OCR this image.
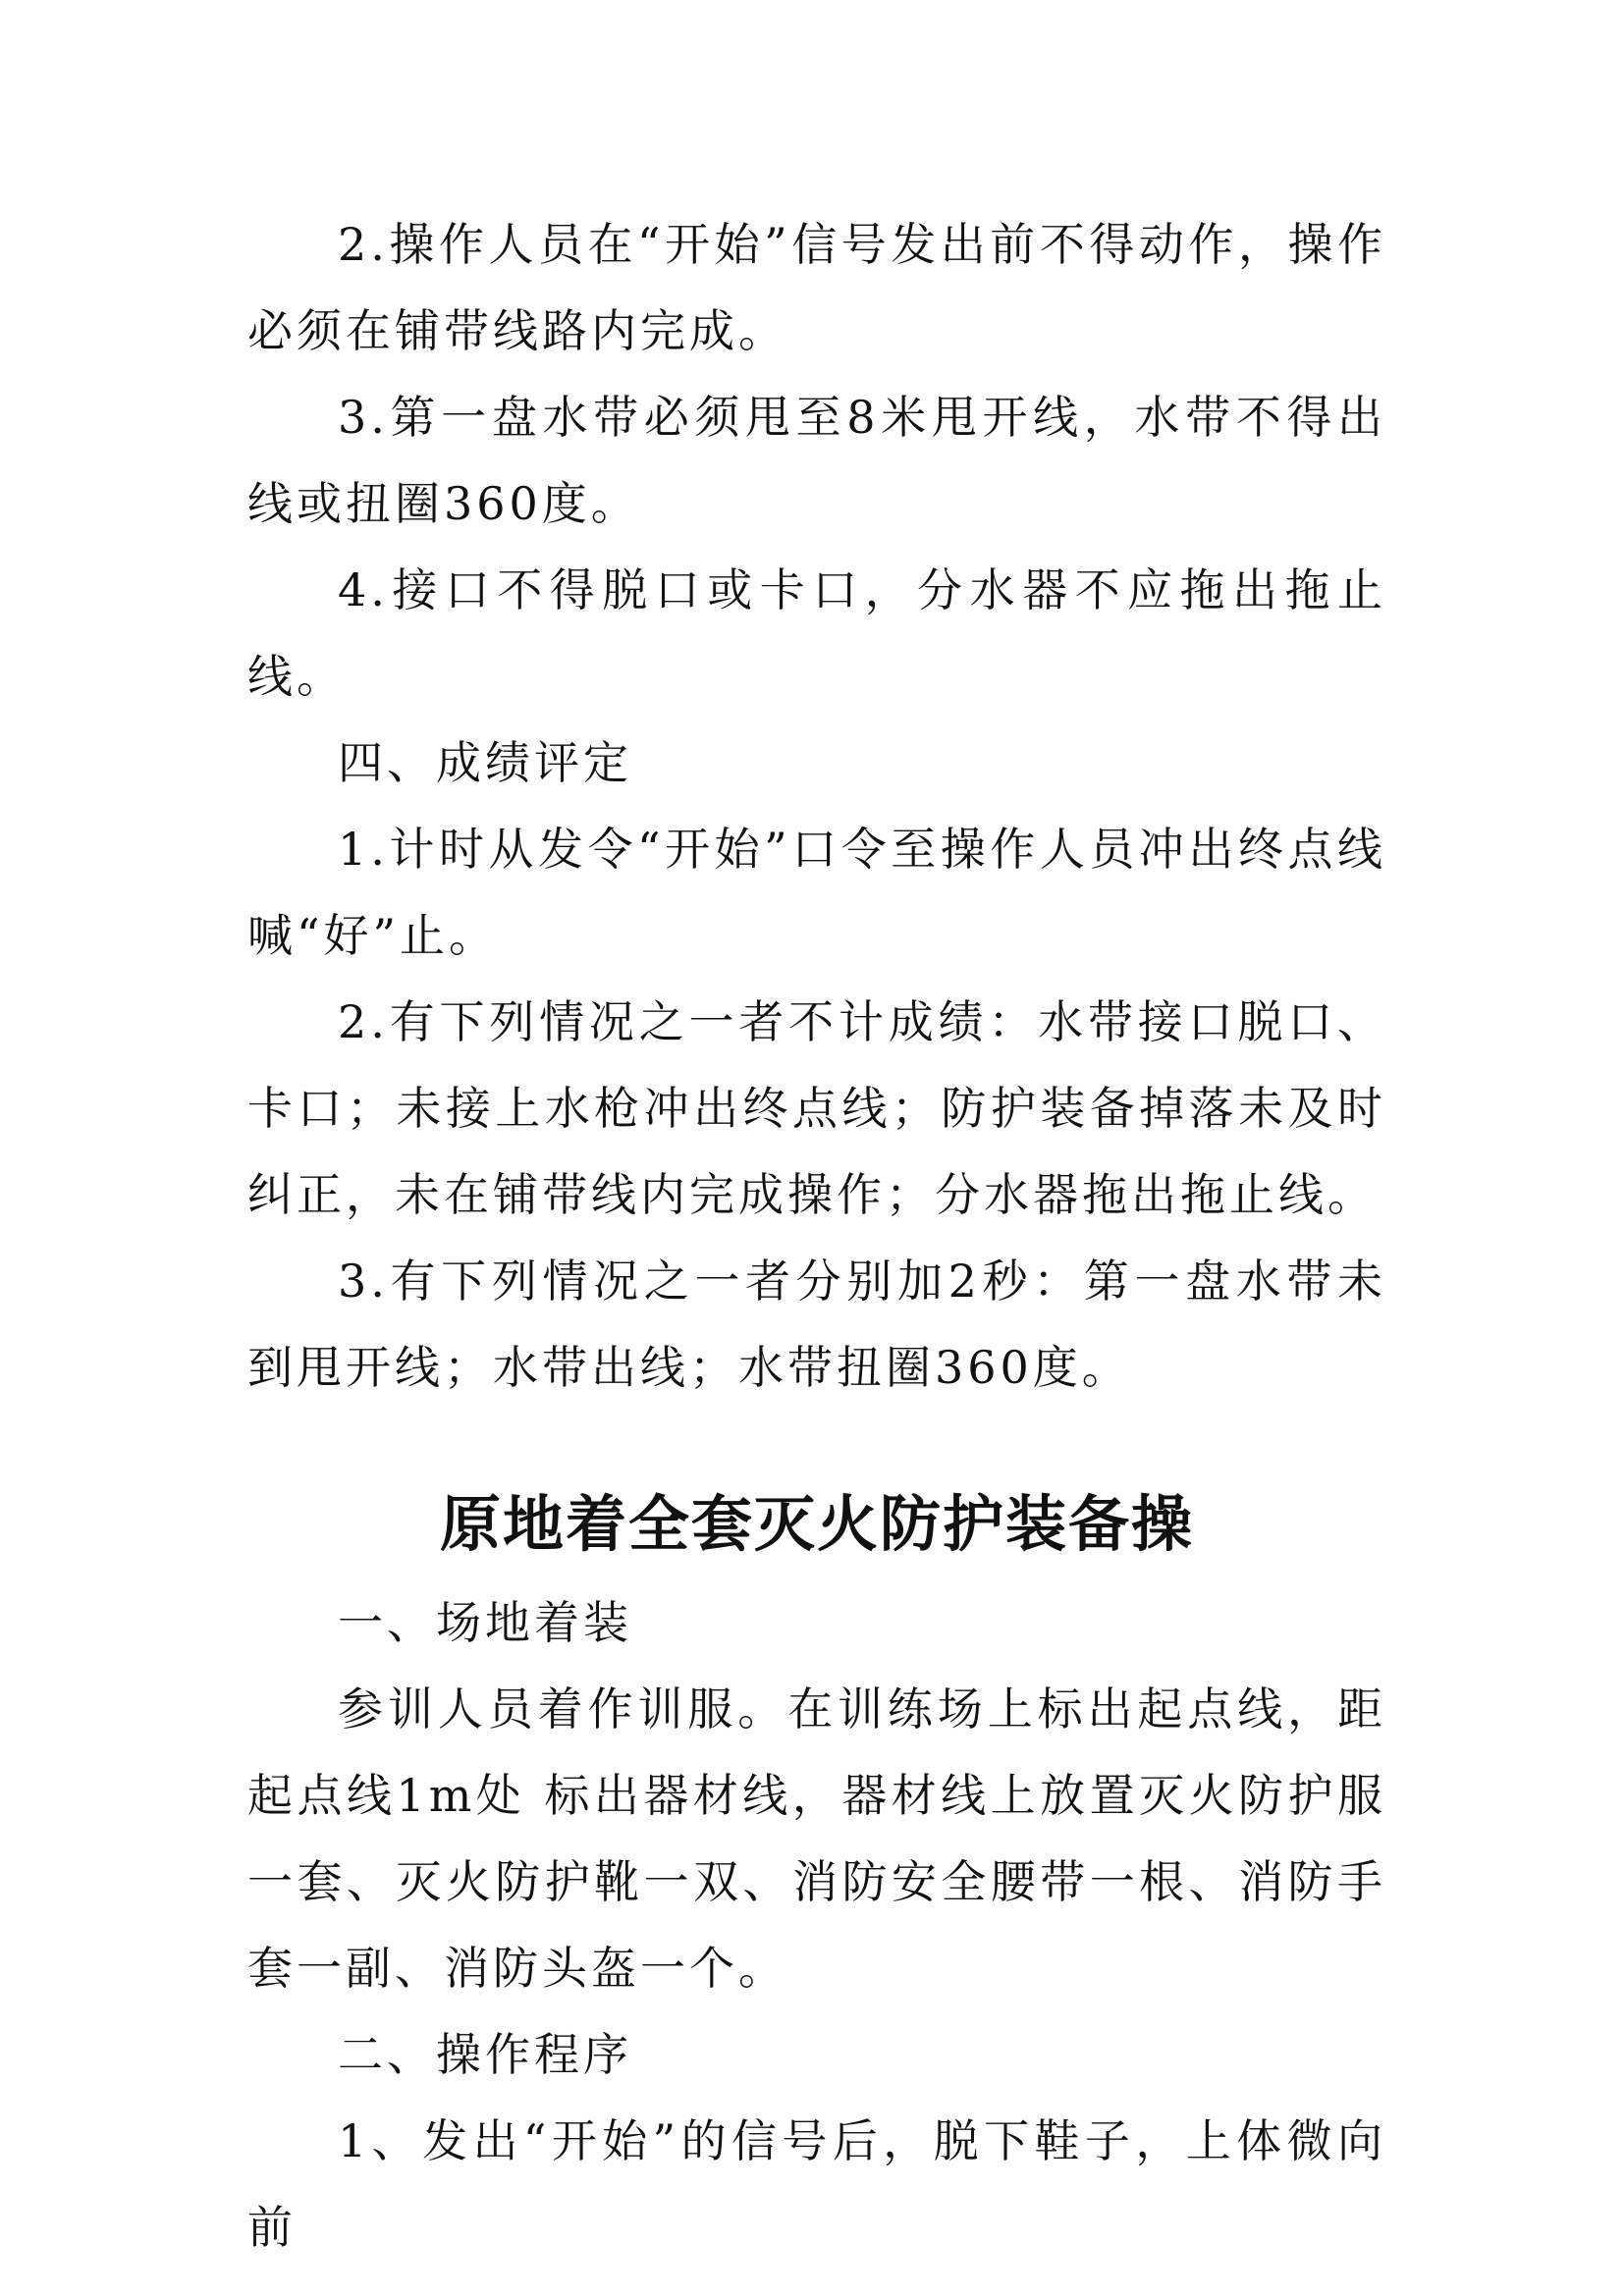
2.操作人员在“开始”信号发出前不得动作，操作必须在铺带线路内完成。

3.第一盘水带必须甩至8米甩开线，水带不得出线或扭圈360度。

4.接口不得脱口或卡口，分水器不应拖出拖止线。

四、成绩评定

1.计时从发令“开始”口令至操作人员冲出终点线喊“好”止。

2.有下列情况之一者不计成绩：水带接口脱口、卡口；未接上水枪冲出终点线；防护装备掉落未及时纠正，未在铺带线内完成操作；分水器拖出拖止线。

3.有下列情况之一者分别加2秒：第一盘水带未到甩开线；水带出线；水带扭圈360度。

原地着全套灭火防护装备操

一、场地着装

参训人员着作训服。在训练场上标出起点线，距起点线1m处 标出器材线，器材线上放置灭火防护服一套、灭火防护靴一双、消防安全腰带一根、消防手套一副、消防头盔一个。

二、操作程序

1、发出“开始”的信号后，脱下鞋子，上体微向前
